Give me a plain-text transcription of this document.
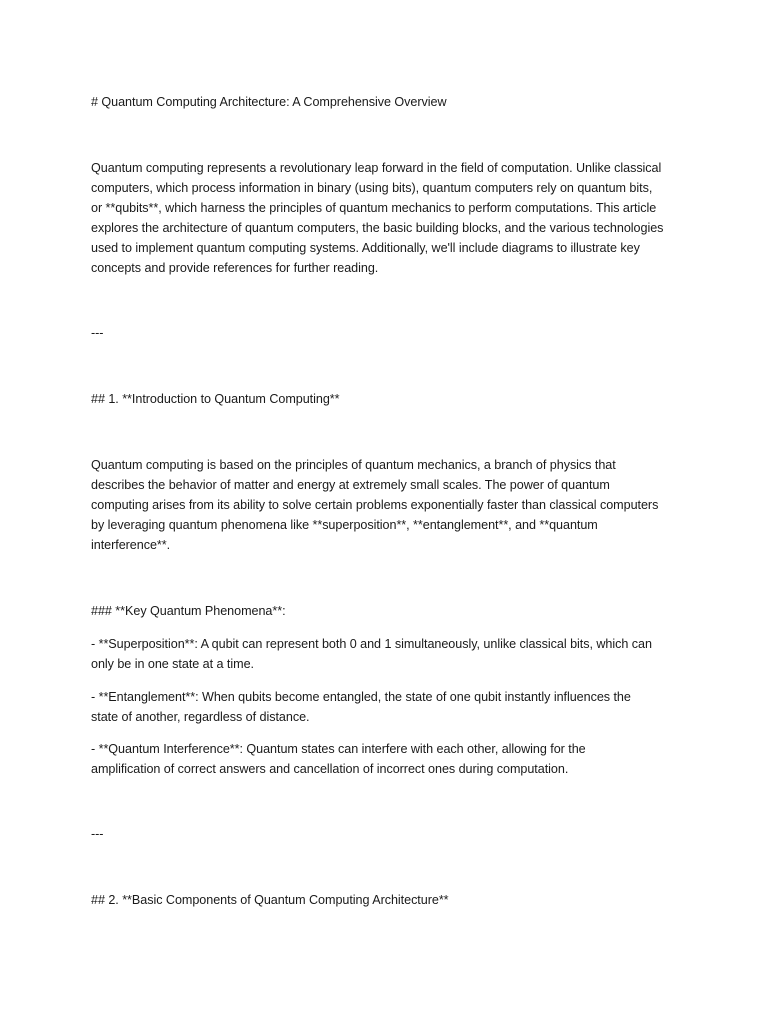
# Quantum Computing Architecture: A Comprehensive Overview

Quantum computing represents a revolutionary leap forward in the field of computation. Unlike classical
computers, which process information in binary (using bits), quantum computers rely on quantum bits,
or **qubits**, which harness the principles of quantum mechanics to perform computations. This article
explores the architecture of quantum computers, the basic building blocks, and the various technologies
used to implement quantum computing systems. Additionally, we'll include diagrams to illustrate key
concepts and provide references for further reading.

---

## 1. **Introduction to Quantum Computing**

Quantum computing is based on the principles of quantum mechanics, a branch of physics that
describes the behavior of matter and energy at extremely small scales. The power of quantum
computing arises from its ability to solve certain problems exponentially faster than classical computers
by leveraging quantum phenomena like **superposition**, **entanglement**, and **quantum
interference**.

### **Key Quantum Phenomena**:

- **Superposition**: A qubit can represent both 0 and 1 simultaneously, unlike classical bits, which can
only be in one state at a time.

- **Entanglement**: When qubits become entangled, the state of one qubit instantly influences the
state of another, regardless of distance.

- **Quantum Interference**: Quantum states can interfere with each other, allowing for the
amplification of correct answers and cancellation of incorrect ones during computation.

---

## 2. **Basic Components of Quantum Computing Architecture**
